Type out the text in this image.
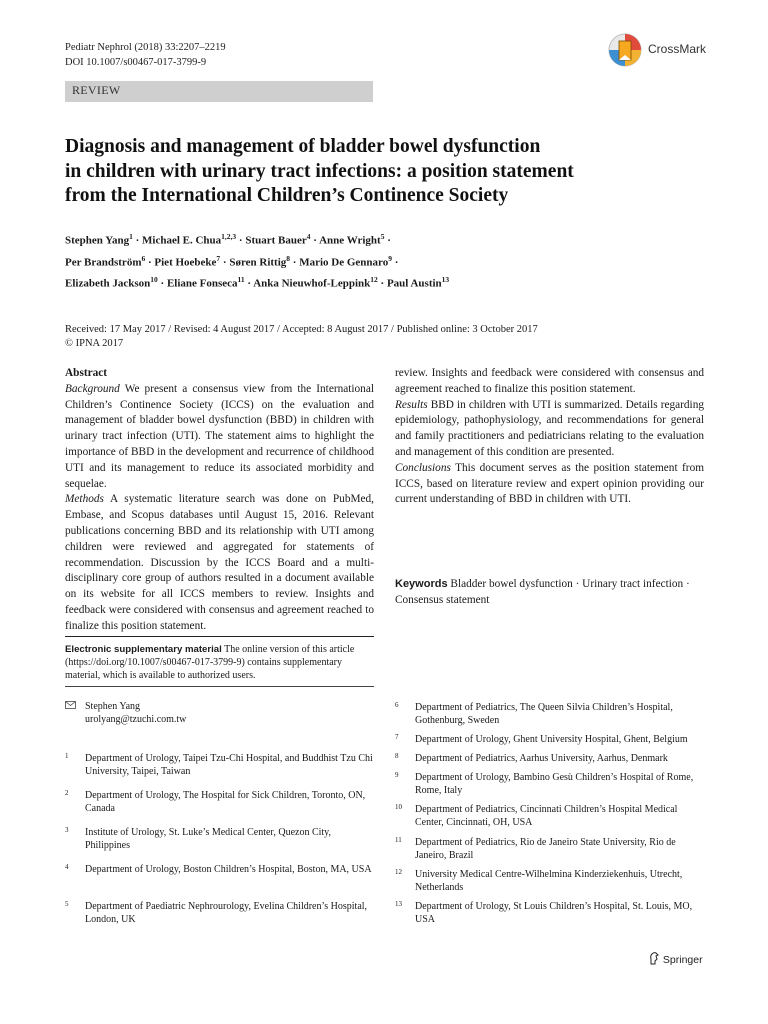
Pediatr Nephrol (2018) 33:2207–2219
DOI 10.1007/s00467-017-3799-9
CrossMark
REVIEW
Diagnosis and management of bladder bowel dysfunction
in children with urinary tract infections: a position statement
from the International Children’s Continence Society
Stephen Yang$^1$ · Michael E. Chua$^{1,2,3}$ · Stuart Bauer$^4$ · Anne Wright$^5$ ·
Per Brandström$^6$ · Piet Hoebeke$^7$ · Søren Rittig$^8$ · Mario De Gennaro$^9$ ·
Elizabeth Jackson$^{10}$ · Eliane Fonseca$^{11}$ · Anka Nieuwhof-Leppink$^{12}$ · Paul Austin$^{13}$
Received: 17 May 2017 / Revised: 4 August 2017 / Accepted: 8 August 2017 / Published online: 3 October 2017
© IPNA 2017
Abstract
Background We present a consensus view from the International Children’s Continence Society (ICCS) on the evaluation and management of bladder bowel dysfunction (BBD) in children with urinary tract infection (UTI). The statement aims to highlight the importance of BBD in the development and recurrence of childhood UTI and its management to reduce its associated morbidity and sequelae.
Methods A systematic literature search was done on PubMed, Embase, and Scopus databases until August 15, 2016. Relevant publications concerning BBD and its relationship with UTI among children were reviewed and aggregated for statements of recommendation. Discussion by the ICCS Board and a multi-disciplinary core group of authors resulted in a document available on its website for all ICCS members to review. Insights and feedback were considered with consensus and agreement reached to finalize this position statement.
review. Insights and feedback were considered with consensus and agreement reached to finalize this position statement.
Results BBD in children with UTI is summarized. Details regarding epidemiology, pathophysiology, and recommendations for general and family practitioners and pediatricians relating to the evaluation and management of this condition are presented.
Conclusions This document serves as the position statement from ICCS, based on literature review and expert opinion providing our current understanding of BBD in children with UTI.
Keywords Bladder bowel dysfunction · Urinary tract infection · Consensus statement
Electronic supplementary material The online version of this article (https://doi.org/10.1007/s00467-017-3799-9) contains supplementary material, which is available to authorized users.
Stephen Yang
urolyang@tzuchi.com.tw
1 Department of Urology, Taipei Tzu-Chi Hospital, and Buddhist Tzu Chi University, Taipei, Taiwan
2 Department of Urology, The Hospital for Sick Children, Toronto, ON, Canada
3 Institute of Urology, St. Luke’s Medical Center, Quezon City, Philippines
4 Department of Urology, Boston Children’s Hospital, Boston, MA, USA
5 Department of Paediatric Nephrourology, Evelina Children’s Hospital, London, UK
6 Department of Pediatrics, The Queen Silvia Children’s Hospital, Gothenburg, Sweden
7 Department of Urology, Ghent University Hospital, Ghent, Belgium
8 Department of Pediatrics, Aarhus University, Aarhus, Denmark
9 Department of Urology, Bambino Gesù Children’s Hospital of Rome, Rome, Italy
10 Department of Pediatrics, Cincinnati Children’s Hospital Medical Center, Cincinnati, OH, USA
11 Department of Pediatrics, Rio de Janeiro State University, Rio de Janeiro, Brazil
12 University Medical Centre-Wilhelmina Kinderziekenhuis, Utrecht, Netherlands
13 Department of Urology, St Louis Children’s Hospital, St. Louis, MO, USA
Springer
